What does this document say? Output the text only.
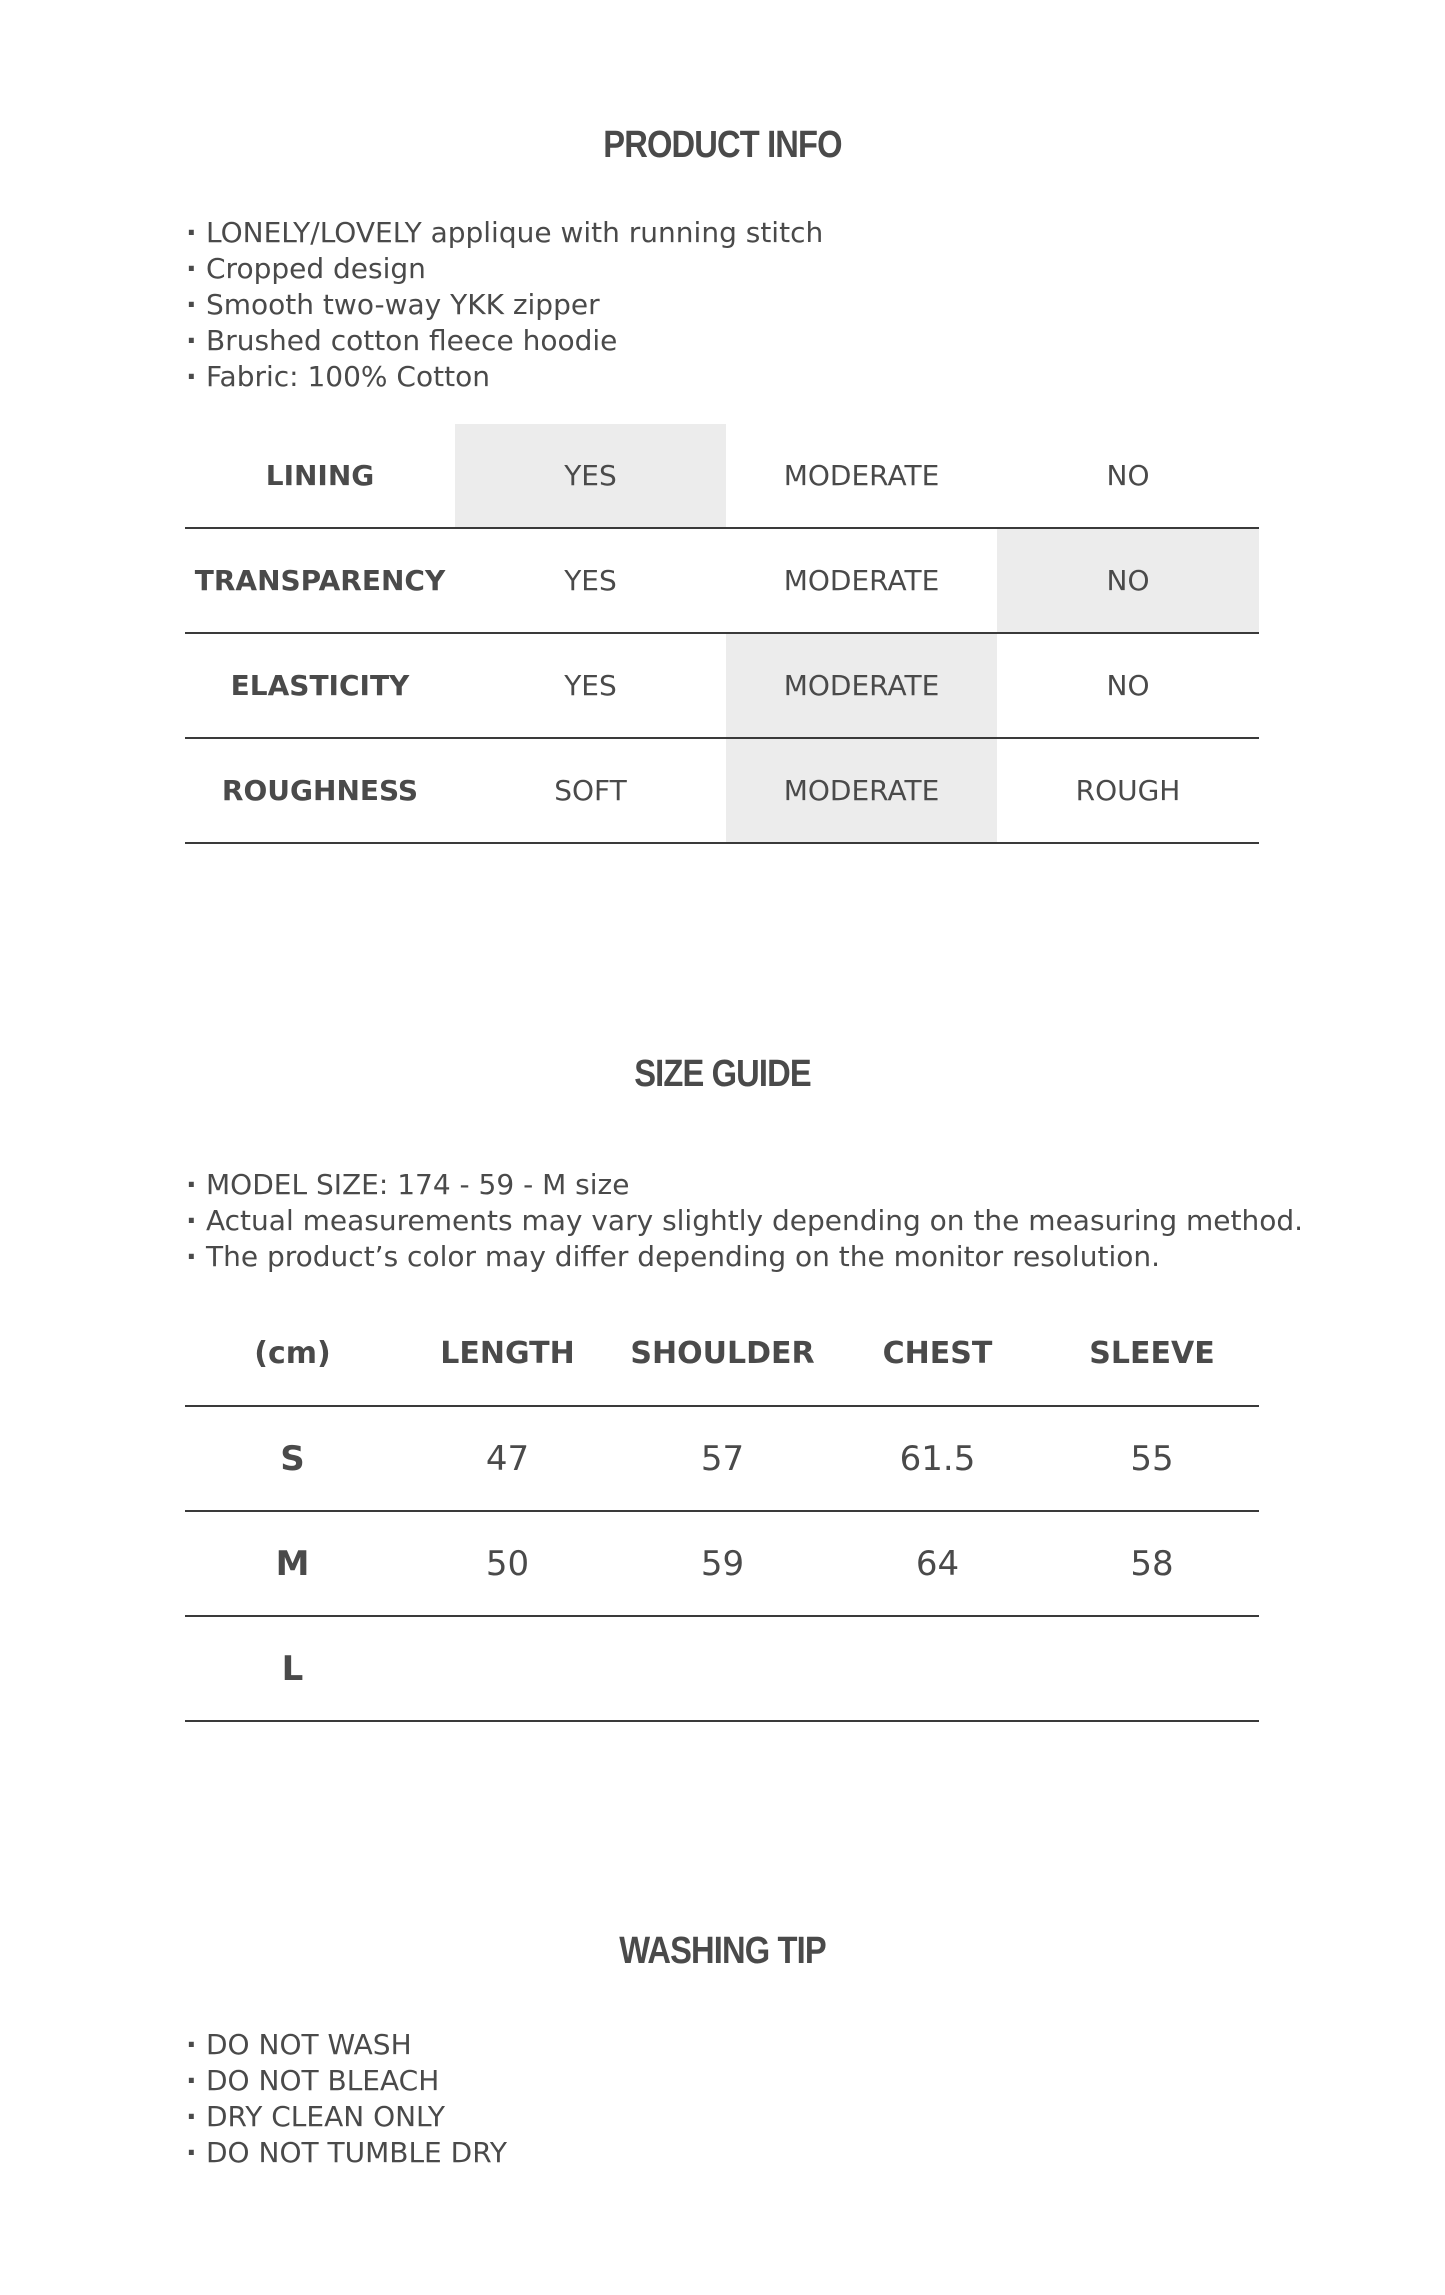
PRODUCT INFO
· LONELY/LOVELY applique with running stitch
· Cropped design
· Smooth two-way YKK zipper
· Brushed cotton fleece hoodie
· Fabric: 100% Cotton
LINING	YES	MODERATE	NO
TRANSPARENCY	YES	MODERATE	NO
ELASTICITY	YES	MODERATE	NO
ROUGHNESS	SOFT	MODERATE	ROUGH
SIZE GUIDE
· MODEL SIZE: 174 - 59 - M size
· Actual measurements may vary slightly depending on the measuring method.
· The product’s color may differ depending on the monitor resolution.
(cm)	LENGTH	SHOULDER	CHEST	SLEEVE
S	47	57	61.5	55
M	50	59	64	58
L				
WASHING TIP
· DO NOT WASH
· DO NOT BLEACH
· DRY CLEAN ONLY
· DO NOT TUMBLE DRY
